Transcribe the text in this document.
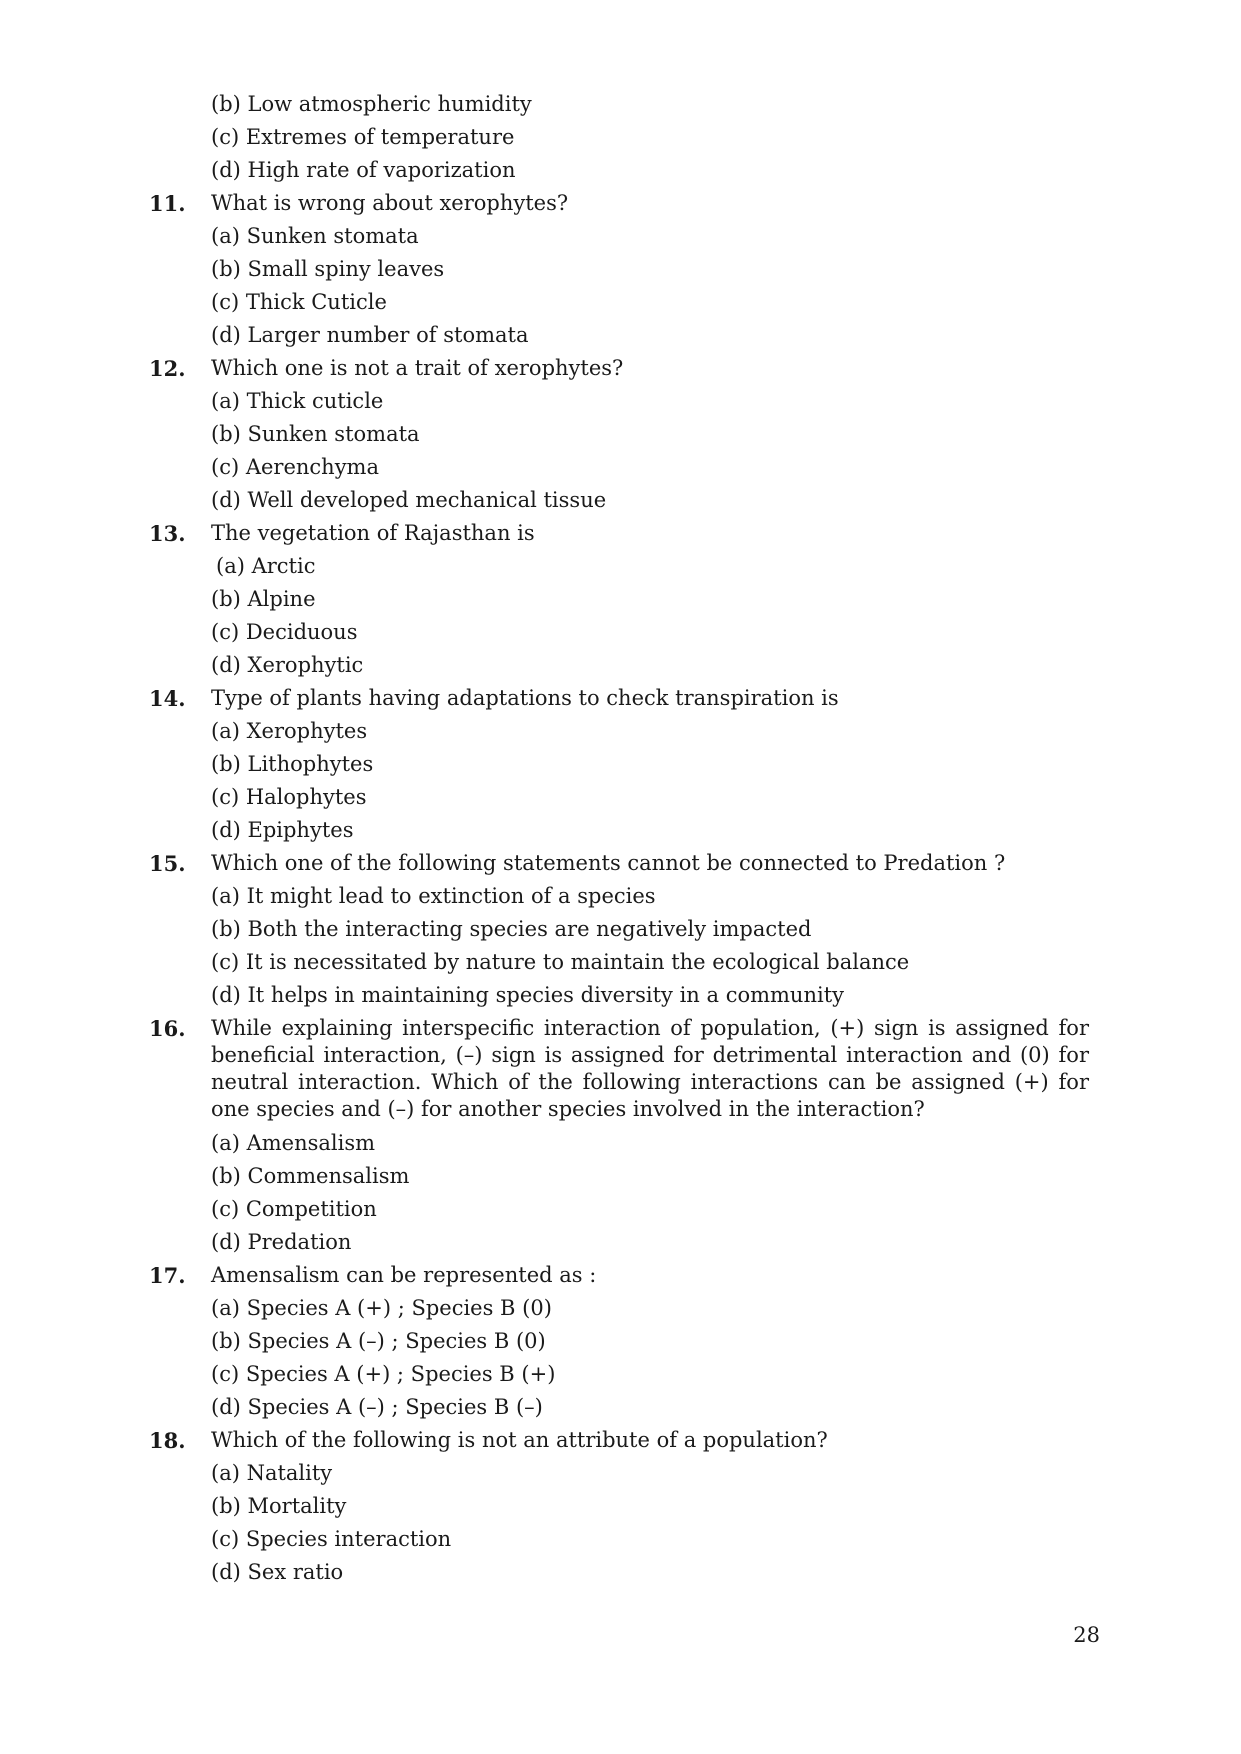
(b) Low atmospheric humidity
(c) Extremes of temperature
(d) High rate of vaporization
11.	What is wrong about xerophytes?
(a) Sunken stomata
(b) Small spiny leaves
(c) Thick Cuticle
(d) Larger number of stomata
12.	Which one is not a trait of xerophytes?
(a) Thick cuticle
(b) Sunken stomata
(c) Aerenchyma
(d) Well developed mechanical tissue
13.	The vegetation of Rajasthan is
(a) Arctic
(b) Alpine
(c) Deciduous
(d) Xerophytic
14.	Type of plants having adaptations to check transpiration is
(a) Xerophytes
(b) Lithophytes
(c) Halophytes
(d) Epiphytes
15.	Which one of the following statements cannot be connected to Predation ?
(a) It might lead to extinction of a species
(b) Both the interacting species are negatively impacted
(c) It is necessitated by nature to maintain the ecological balance
(d) It helps in maintaining species diversity in a community
16.	While explaining interspecific interaction of population, (+) sign is assigned for beneficial interaction, (–) sign is assigned for detrimental interaction and (0) for neutral interaction. Which of the following interactions can be assigned (+) for one species and (–) for another species involved in the interaction?
(a) Amensalism
(b) Commensalism
(c) Competition
(d) Predation
17.	Amensalism can be represented as :
(a) Species A (+) ; Species B (0)
(b) Species A (–) ; Species B (0)
(c) Species A (+) ; Species B (+)
(d) Species A (–) ; Species B (–)
18.	Which of the following is not an attribute of a population?
(a) Natality
(b) Mortality
(c) Species interaction
(d) Sex ratio
28
